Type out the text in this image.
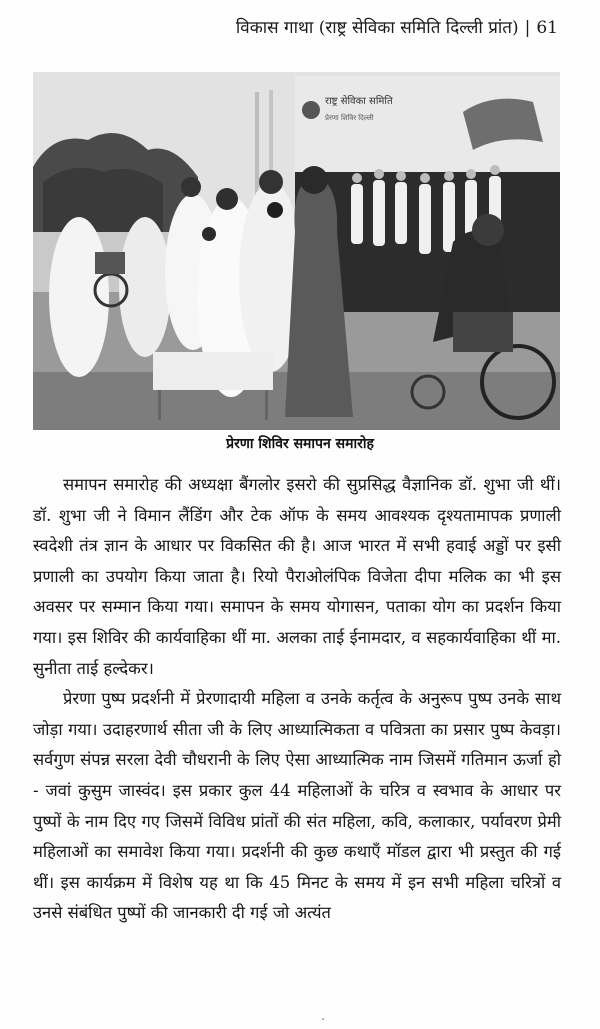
विकास गाथा (राष्ट्र सेविका समिति दिल्ली प्रांत) | 61
राष्ट्र सेविका समिति
प्रेरणा शिविर दिल्ली
प्रेरणा शिविर समापन समारोह

समापन समारोह की अध्यक्षा बैंगलोर इसरो की सुप्रसिद्ध वैज्ञानिक डॉ. शुभा जी थीं। डॉ. शुभा जी ने विमान लैंडिंग और टेक ऑफ के समय आवश्यक दृश्यतामापक प्रणाली स्वदेशी तंत्र ज्ञान के आधार पर विकसित की है। आज भारत में सभी हवाई अड्डों पर इसी प्रणाली का उपयोग किया जाता है। रियो पैराओलंपिक विजेता दीपा मलिक का भी इस अवसर पर सम्मान किया गया। समापन के समय योगासन, पताका योग का प्रदर्शन किया गया। इस शिविर की कार्यवाहिका थीं मा. अलका ताई ईनामदार, व सहकार्यवाहिका थीं मा. सुनीता ताई हल्देकर।

प्रेरणा पुष्प प्रदर्शनी में प्रेरणादायी महिला व उनके कर्तृत्व के अनुरूप पुष्प उनके साथ जोड़ा गया। उदाहरणार्थ सीता जी के लिए आध्यात्मिकता व पवित्रता का प्रसार पुष्प केवड़ा। सर्वगुण संपन्न सरला देवी चौधरानी के लिए ऐसा आध्यात्मिक नाम जिसमें गतिमान ऊर्जा हो - जवां कुसुम जास्वंद। इस प्रकार कुल 44 महिलाओं के चरित्र व स्वभाव के आधार पर पुष्पों के नाम दिए गए जिसमें विविध प्रांतों की संत महिला, कवि, कलाकार, पर्यावरण प्रेमी महिलाओं का समावेश किया गया। प्रदर्शनी की कुछ कथाएँ मॉडल द्वारा भी प्रस्तुत की गई थीं। इस कार्यक्रम में विशेष यह था कि 45 मिनट के समय में इन सभी महिला चरित्रों व उनसे संबंधित पुष्पों की जानकारी दी गई जो अत्यंत
